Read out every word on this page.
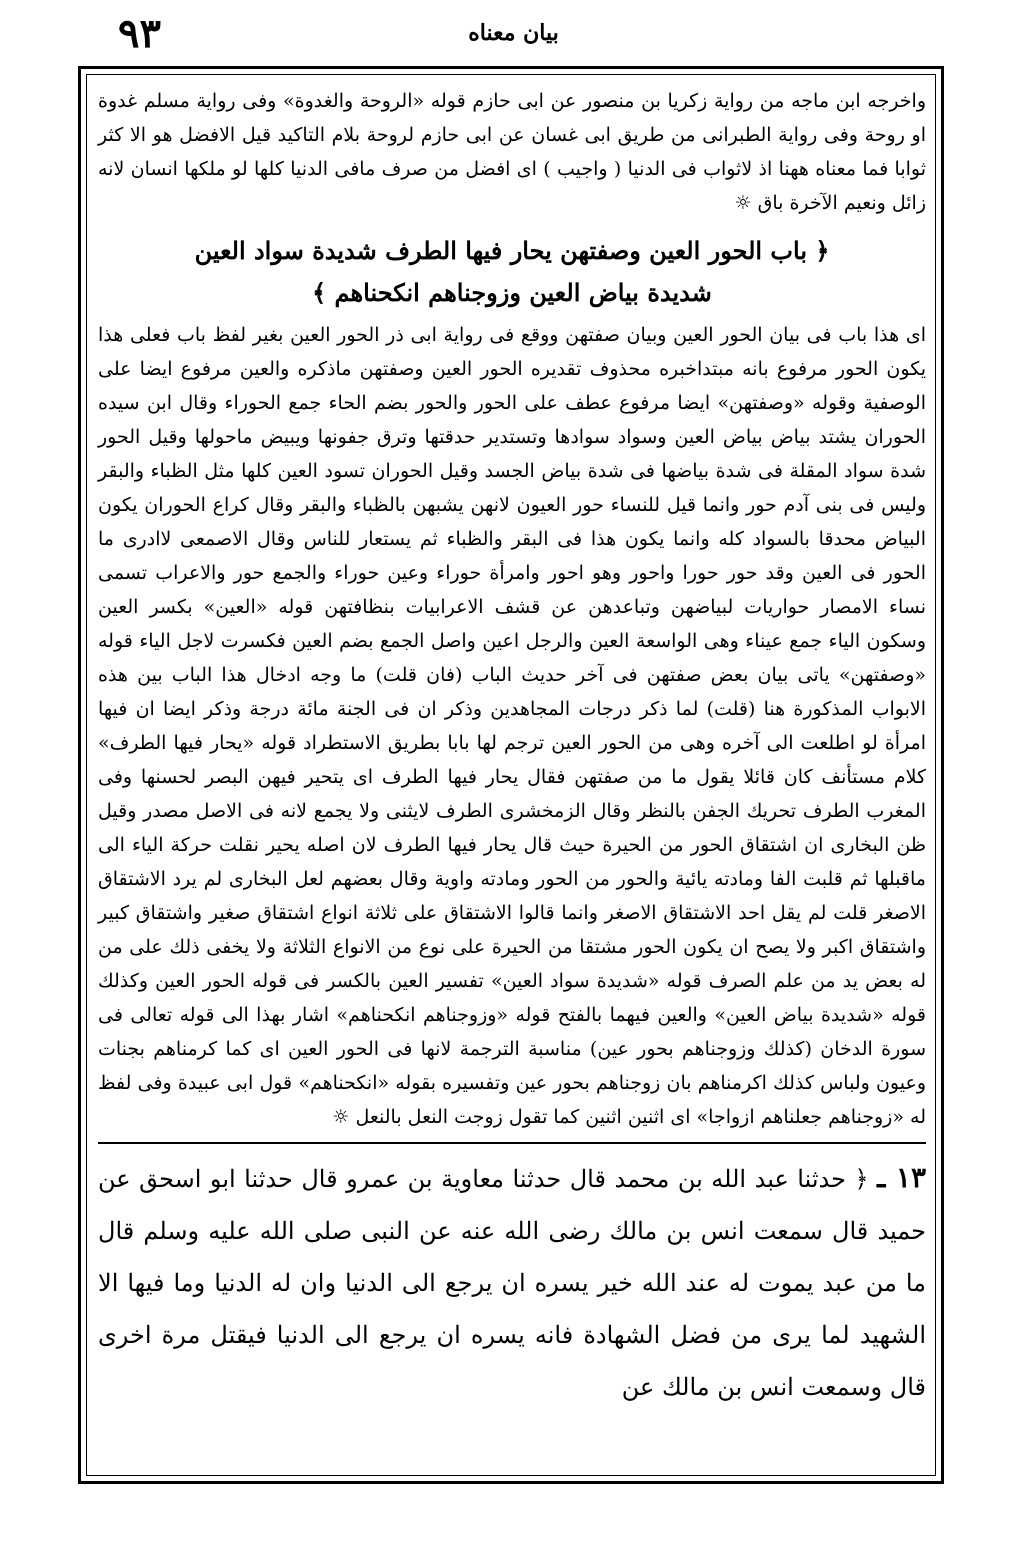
٩٣	بیان معناه

واخرجه ابن ماجه من رواية زكريا بن منصور عن ابى حازم قوله «الروحة والغدوة» وفى رواية مسلم غدوة او روحة وفى رواية الطبرانى من طريق ابى غسان عن ابى حازم لروحة بلام التاكيد قيل الافضل هو الا كثر ثوابا فما معناه ههنا اذ لاثواب فى الدنيا ( واجيب ) اى افضل من صرف مافى الدنيا كلها لو ملكها انسان لانه زائل ونعيم الآخرة باق ☼

﴿ باب الحور العين وصفتهن يحار فيها الطرف شديدة سواد العين
شديدة بياض العين وزوجناهم انكحناهم ﴾

اى هذا باب فى بيان الحور العين وبيان صفتهن ووقع فى رواية ابى ذر الحور العين بغير لفظ باب فعلى هذا يكون الحور مرفوع بانه مبتداخبره محذوف تقديره الحور العين وصفتهن ماذكره والعين مرفوع ايضا على الوصفية وقوله «وصفتهن» ايضا مرفوع عطف على الحور والحور بضم الحاء جمع الحوراء وقال ابن سيده الحوران يشتد بياض بياض العين وسواد سوادها وتستدير حدقتها وترق جفونها ويبيض ماحولها وقيل الحور شدة سواد المقلة فى شدة بياضها فى شدة بياض الجسد وقيل الحوران تسود العين كلها مثل الظباء والبقر وليس فى بنى آدم حور وانما قيل للنساء حور العيون لانهن يشبهن بالظباء والبقر وقال كراع الحوران يكون البياض محدقا بالسواد كله وانما يكون هذا فى البقر والظباء ثم يستعار للناس وقال الاصمعى لاادرى ما الحور فى العين وقد حور حورا واحور وهو احور وامرأة حوراء وعين حوراء والجمع حور والاعراب تسمى نساء الامصار حواريات لبياضهن وتباعدهن عن قشف الاعرابيات بنظافتهن قوله «العين» بكسر العين وسكون الياء جمع عيناء وهى الواسعة العين والرجل اعين واصل الجمع بضم العين فكسرت لاجل الياء قوله «وصفتهن» ياتى بيان بعض صفتهن فى آخر حديث الباب (فان قلت) ما وجه ادخال هذا الباب بين هذه الابواب المذكورة هنا (قلت) لما ذكر درجات المجاهدين وذكر ان فى الجنة مائة درجة وذكر ايضا ان فيها امرأة لو اطلعت الى آخره وهى من الحور العين ترجم لها بابا بطريق الاستطراد قوله «يحار فيها الطرف» كلام مستأنف كان قائلا يقول ما من صفتهن فقال يحار فيها الطرف اى يتحير فيهن البصر لحسنها وفى المغرب الطرف تحريك الجفن بالنظر وقال الزمخشرى الطرف لايثنى ولا يجمع لانه فى الاصل مصدر وقيل ظن البخارى ان اشتقاق الحور من الحيرة حيث قال يحار فيها الطرف لان اصله يحير نقلت حركة الياء الى ماقبلها ثم قلبت الفا ومادته يائية والحور من الحور ومادته واوية وقال بعضهم لعل البخارى لم يرد الاشتقاق الاصغر قلت لم يقل احد الاشتقاق الاصغر وانما قالوا الاشتقاق على ثلاثة انواع اشتقاق صغير واشتقاق كبير واشتقاق اكبر ولا يصح ان يكون الحور مشتقا من الحيرة على نوع من الانواع الثلاثة ولا يخفى ذلك على من له بعض يد من علم الصرف قوله «شديدة سواد العين» تفسير العين بالكسر فى قوله الحور العين وكذلك قوله «شديدة بياض العين» والعين فيهما بالفتح قوله «وزوجناهم انكحناهم» اشار بهذا الى قوله تعالى فى سورة الدخان (كذلك وزوجناهم بحور عين) مناسبة الترجمة لانها فى الحور العين اى كما كرمناهم بجنات وعيون ولباس كذلك اكرمناهم بان زوجناهم بحور عين وتفسيره بقوله «انكحناهم» قول ابى عبيدة وفى لفظ له «زوجناهم جعلناهم ازواجا» اى اثنين اثنين كما تقول زوجت النعل بالنعل ☼

١٣ ـ ﴿ حدثنا عبد الله بن محمد قال حدثنا معاوية بن عمرو قال حدثنا ابو اسحق عن حميد قال سمعت انس بن مالك رضى الله عنه عن النبى صلى الله عليه وسلم قال ما من عبد يموت له عند الله خير يسره ان يرجع الى الدنيا وان له الدنيا وما فيها الا الشهيد لما يرى من فضل الشهادة فانه يسره ان يرجع الى الدنيا فيقتل مرة اخرى قال وسمعت انس بن مالك عن
